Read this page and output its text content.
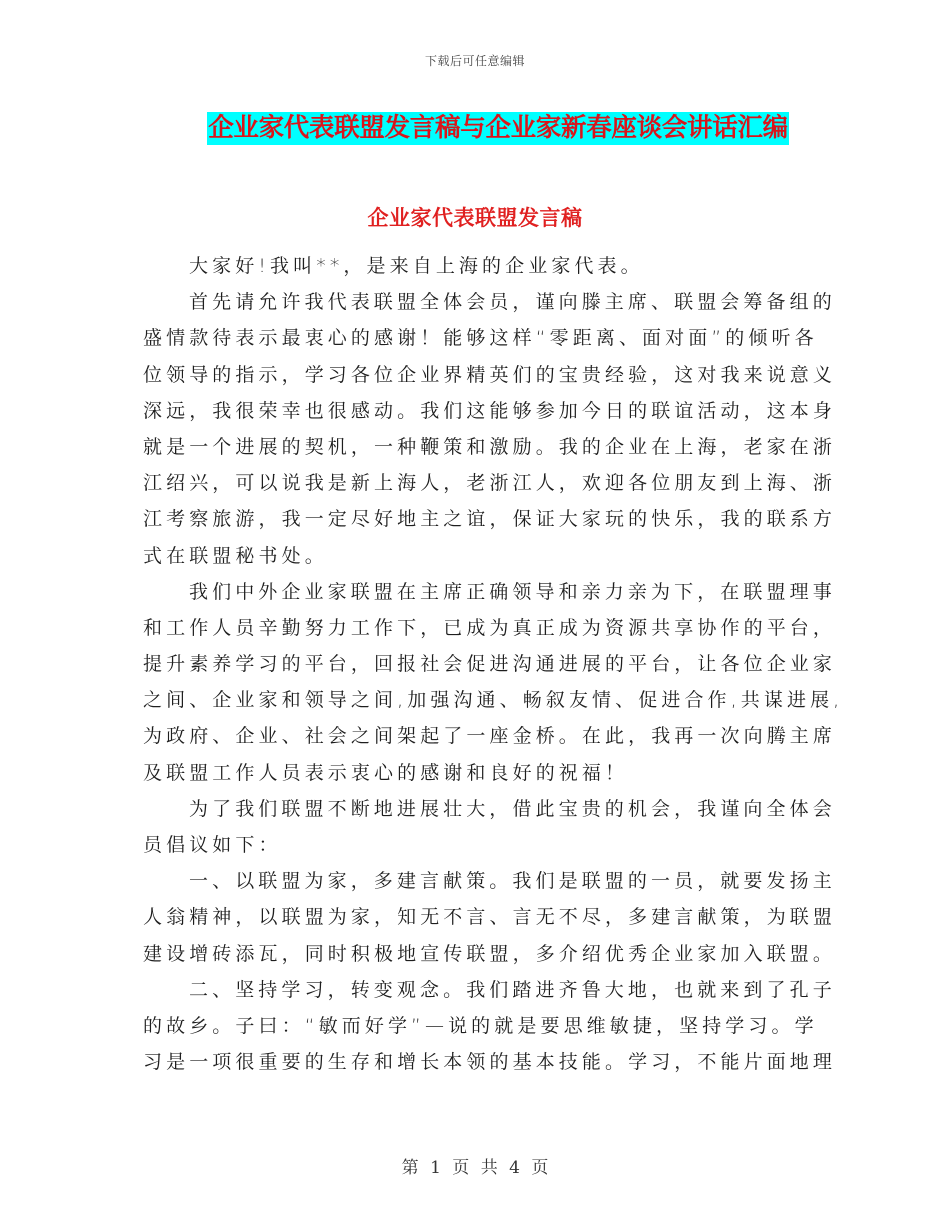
下载后可任意编辑
企业家代表联盟发言稿与企业家新春座谈会讲话汇编
企业家代表联盟发言稿
大家好!我叫**，是来自上海的企业家代表。
首先请允许我代表联盟全体会员，谨向滕主席、联盟会筹备组的
盛情款待表示最衷心的感谢！能够这样“零距离、面对面”的倾听各
位领导的指示，学习各位企业界精英们的宝贵经验，这对我来说意义
深远，我很荣幸也很感动。我们这能够参加今日的联谊活动，这本身
就是一个进展的契机，一种鞭策和激励。我的企业在上海，老家在浙
江绍兴，可以说我是新上海人，老浙江人，欢迎各位朋友到上海、浙
江考察旅游，我一定尽好地主之谊，保证大家玩的快乐，我的联系方
式在联盟秘书处。
我们中外企业家联盟在主席正确领导和亲力亲为下，在联盟理事
和工作人员辛勤努力工作下，已成为真正成为资源共享协作的平台，
提升素养学习的平台，回报社会促进沟通进展的平台，让各位企业家
之间、企业家和领导之间,加强沟通、畅叙友情、促进合作,共谋进展,
为政府、企业、社会之间架起了一座金桥。在此，我再一次向腾主席
及联盟工作人员表示衷心的感谢和良好的祝福！
为了我们联盟不断地进展壮大，借此宝贵的机会，我谨向全体会
员倡议如下：
一、以联盟为家，多建言献策。我们是联盟的一员，就要发扬主
人翁精神，以联盟为家，知无不言、言无不尽，多建言献策，为联盟
建设增砖添瓦，同时积极地宣传联盟，多介绍优秀企业家加入联盟。
二、坚持学习，转变观念。我们踏进齐鲁大地，也就来到了孔子
的故乡。子曰：“敏而好学”—说的就是要思维敏捷，坚持学习。学
习是一项很重要的生存和增长本领的基本技能。学习，不能片面地理
第 1 页 共 4 页
